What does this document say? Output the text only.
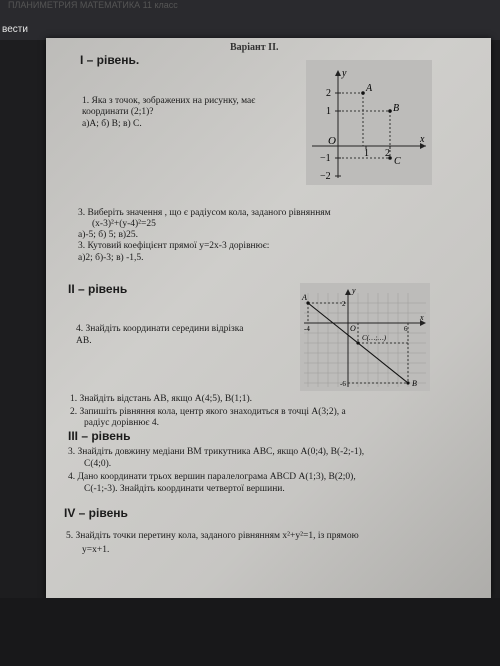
ПЛАНИМЕТРИЯ МАТЕМАТИКА 11 класс
вести
Варіант II.
І – рівень.
1. Яка з точок, зображених на рисунку, має
координати (2;1)?
а)А; б) В; в) С.
y
x
2
1
−1
−2
O
1 2
A
B
C
3. Виберіть значення , що є радіусом кола, заданого рівнянням
(x-3)²+(y-4)²=25
а)-5; б) 5; в)25.
3. Кутовий коефіцієнт прямої y=2x-3 дорівнює:
а)2; б)-3; в) -1,5.
ІІ – рівень
4. Знайдіть координати середини відрізка
АВ.
A
B
C(…;…)
y
x
O
2
-4	6
-6
1. Знайдіть відстань АВ, якщо А(4;5), В(1;1).
2. Запишіть рівняння кола, центр якого знаходиться в точці А(3;2), а
радіус дорівнює 4.
ІІІ – рівень
3. Знайдіть довжину медіани ВМ трикутника АВС, якщо А(0;4), В(-2;-1),
С(4;0).
4. Дано координати трьох вершин паралелограма АВСD А(1;3), В(2;0),
С(-1;-3). Знайдіть координати четвертої вершини.
ІV – рівень
5. Знайдіть точки перетину кола, заданого рівнянням x²+y²=1, із прямою
y=x+1.
